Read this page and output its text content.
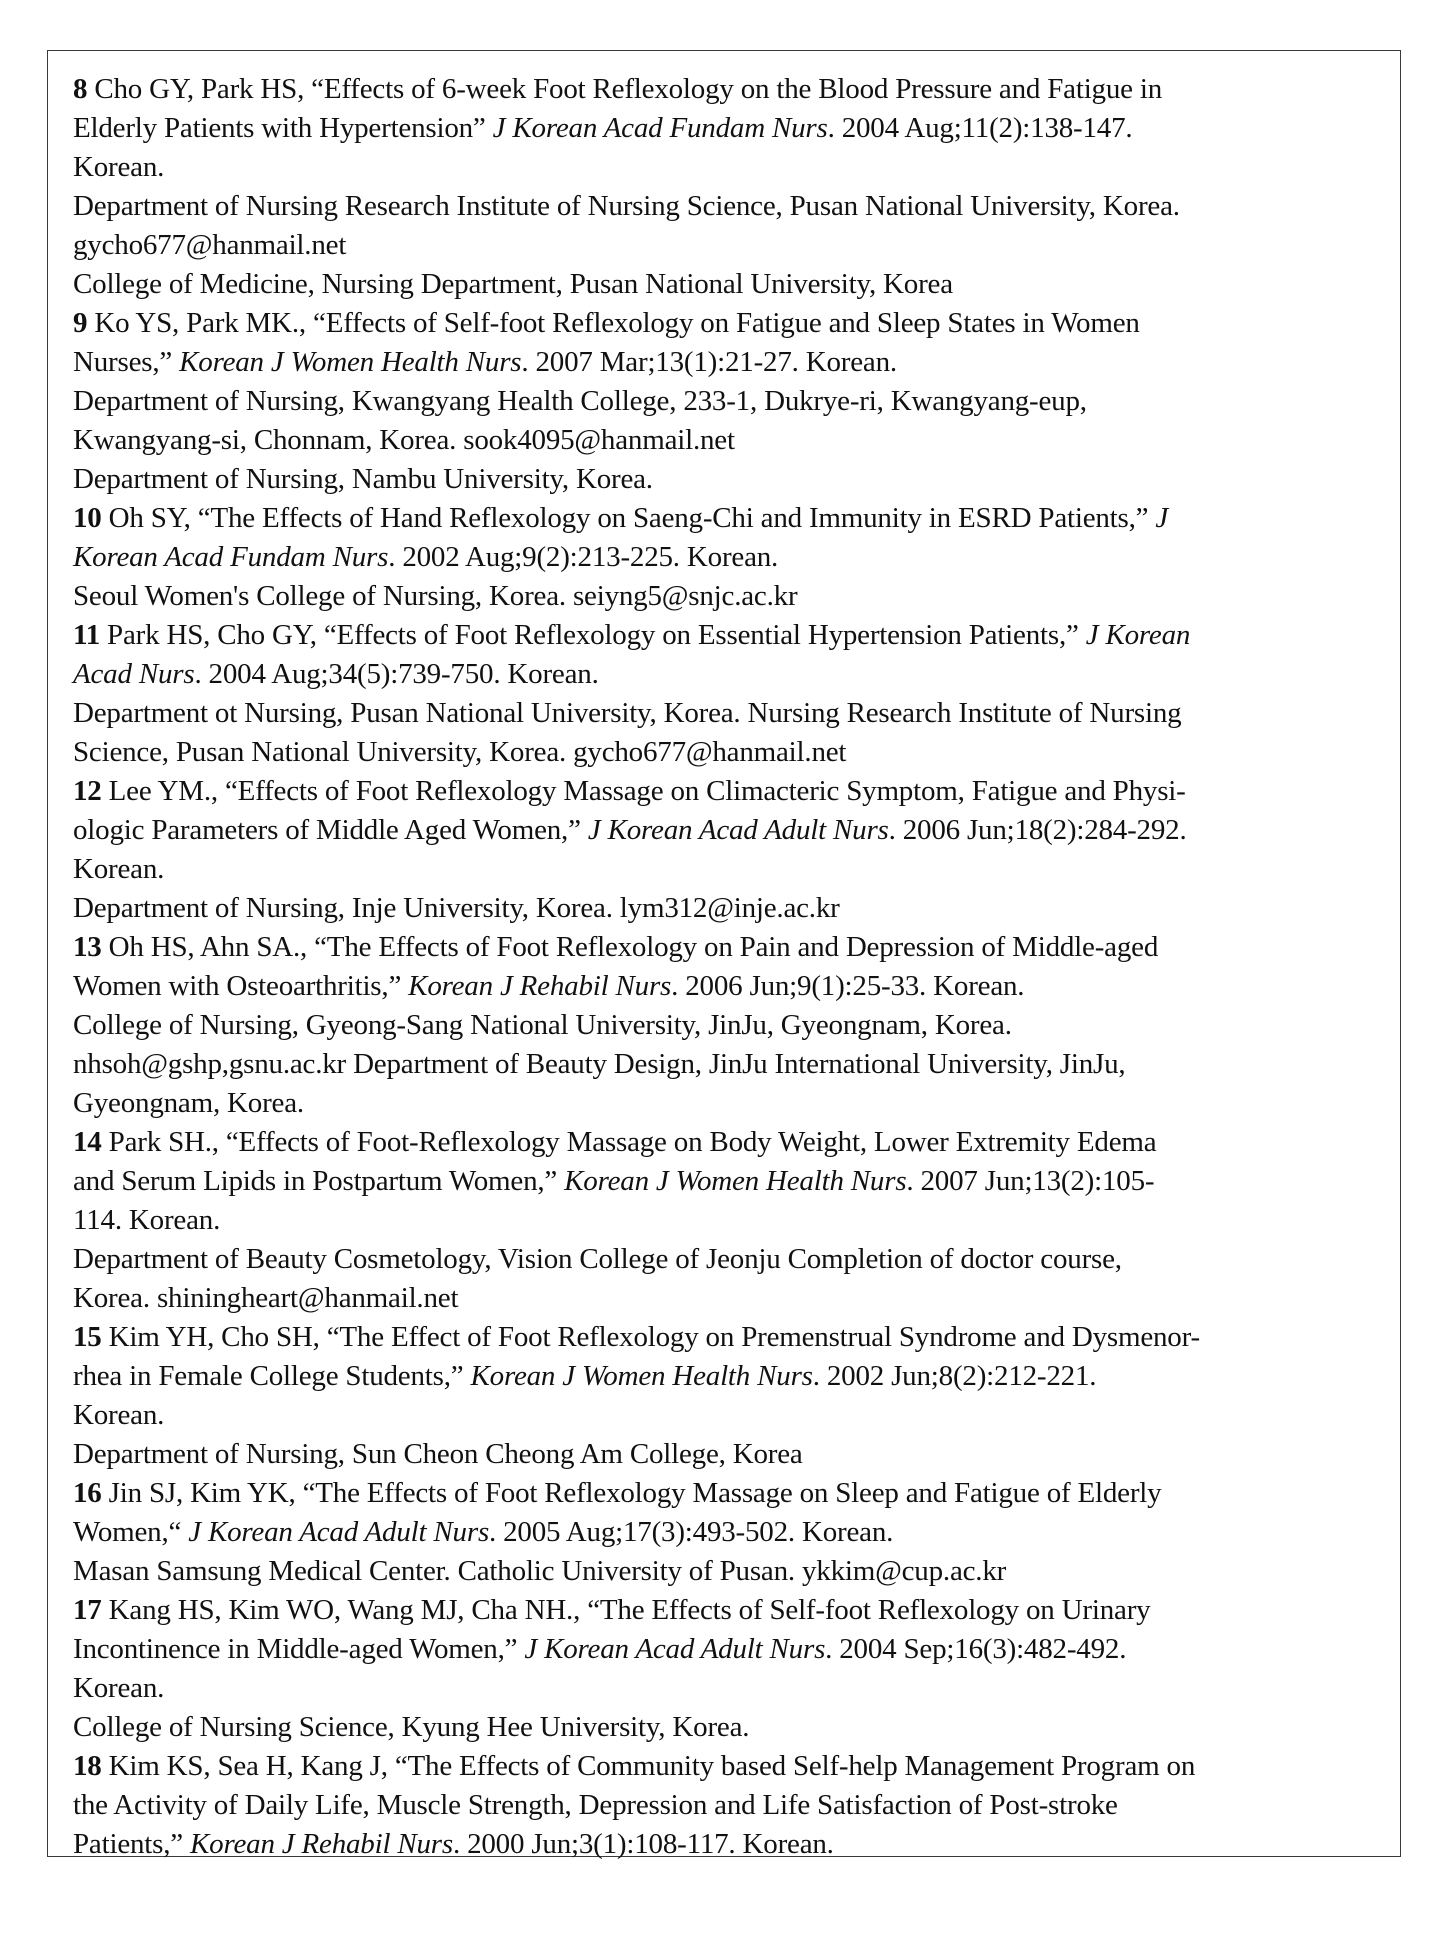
8 Cho GY, Park HS, “Effects of 6-week Foot Reflexology on the Blood Pressure and Fatigue in
Elderly Patients with Hypertension” J Korean Acad Fundam Nurs. 2004 Aug;11(2):138-147.
Korean.
Department of Nursing Research Institute of Nursing Science, Pusan National University, Korea.
gycho677@hanmail.net
College of Medicine, Nursing Department, Pusan National University, Korea
9 Ko YS, Park MK., “Effects of Self-foot Reflexology on Fatigue and Sleep States in Women
Nurses,” Korean J Women Health Nurs. 2007 Mar;13(1):21-27. Korean.
Department of Nursing, Kwangyang Health College, 233-1, Dukrye-ri, Kwangyang-eup,
Kwangyang-si, Chonnam, Korea. sook4095@hanmail.net
Department of Nursing, Nambu University, Korea.
10 Oh SY, “The Effects of Hand Reflexology on Saeng-Chi and Immunity in ESRD Patients,” J
Korean Acad Fundam Nurs. 2002 Aug;9(2):213-225. Korean.
Seoul Women's College of Nursing, Korea. seiyng5@snjc.ac.kr
11 Park HS, Cho GY, “Effects of Foot Reflexology on Essential Hypertension Patients,” J Korean
Acad Nurs. 2004 Aug;34(5):739-750. Korean.
Department ot Nursing, Pusan National University, Korea. Nursing Research Institute of Nursing
Science, Pusan National University, Korea. gycho677@hanmail.net
12 Lee YM., “Effects of Foot Reflexology Massage on Climacteric Symptom, Fatigue and Physi-
ologic Parameters of Middle Aged Women,” J Korean Acad Adult Nurs. 2006 Jun;18(2):284-292.
Korean.
Department of Nursing, Inje University, Korea. lym312@inje.ac.kr
13 Oh HS, Ahn SA., “The Effects of Foot Reflexology on Pain and Depression of Middle-aged
Women with Osteoarthritis,” Korean J Rehabil Nurs. 2006 Jun;9(1):25-33. Korean.
College of Nursing, Gyeong-Sang National University, JinJu, Gyeongnam, Korea.
nhsoh@gshp,gsnu.ac.kr Department of Beauty Design, JinJu International University, JinJu,
Gyeongnam, Korea.
14 Park SH., “Effects of Foot-Reflexology Massage on Body Weight, Lower Extremity Edema
and Serum Lipids in Postpartum Women,” Korean J Women Health Nurs. 2007 Jun;13(2):105-
114. Korean.
Department of Beauty Cosmetology, Vision College of Jeonju Completion of doctor course,
Korea. shiningheart@hanmail.net
15 Kim YH, Cho SH, “The Effect of Foot Reflexology on Premenstrual Syndrome and Dysmenor-
rhea in Female College Students,” Korean J Women Health Nurs. 2002 Jun;8(2):212-221.
Korean.
Department of Nursing, Sun Cheon Cheong Am College, Korea
16 Jin SJ, Kim YK, “The Effects of Foot Reflexology Massage on Sleep and Fatigue of Elderly
Women,“ J Korean Acad Adult Nurs. 2005 Aug;17(3):493-502. Korean.
Masan Samsung Medical Center. Catholic University of Pusan. ykkim@cup.ac.kr
17 Kang HS, Kim WO, Wang MJ, Cha NH., “The Effects of Self-foot Reflexology on Urinary
Incontinence in Middle-aged Women,” J Korean Acad Adult Nurs. 2004 Sep;16(3):482-492.
Korean.
College of Nursing Science, Kyung Hee University, Korea.
18 Kim KS, Sea H, Kang J, “The Effects of Community based Self-help Management Program on
the Activity of Daily Life, Muscle Strength, Depression and Life Satisfaction of Post-stroke
Patients,” Korean J Rehabil Nurs. 2000 Jun;3(1):108-117. Korean.
